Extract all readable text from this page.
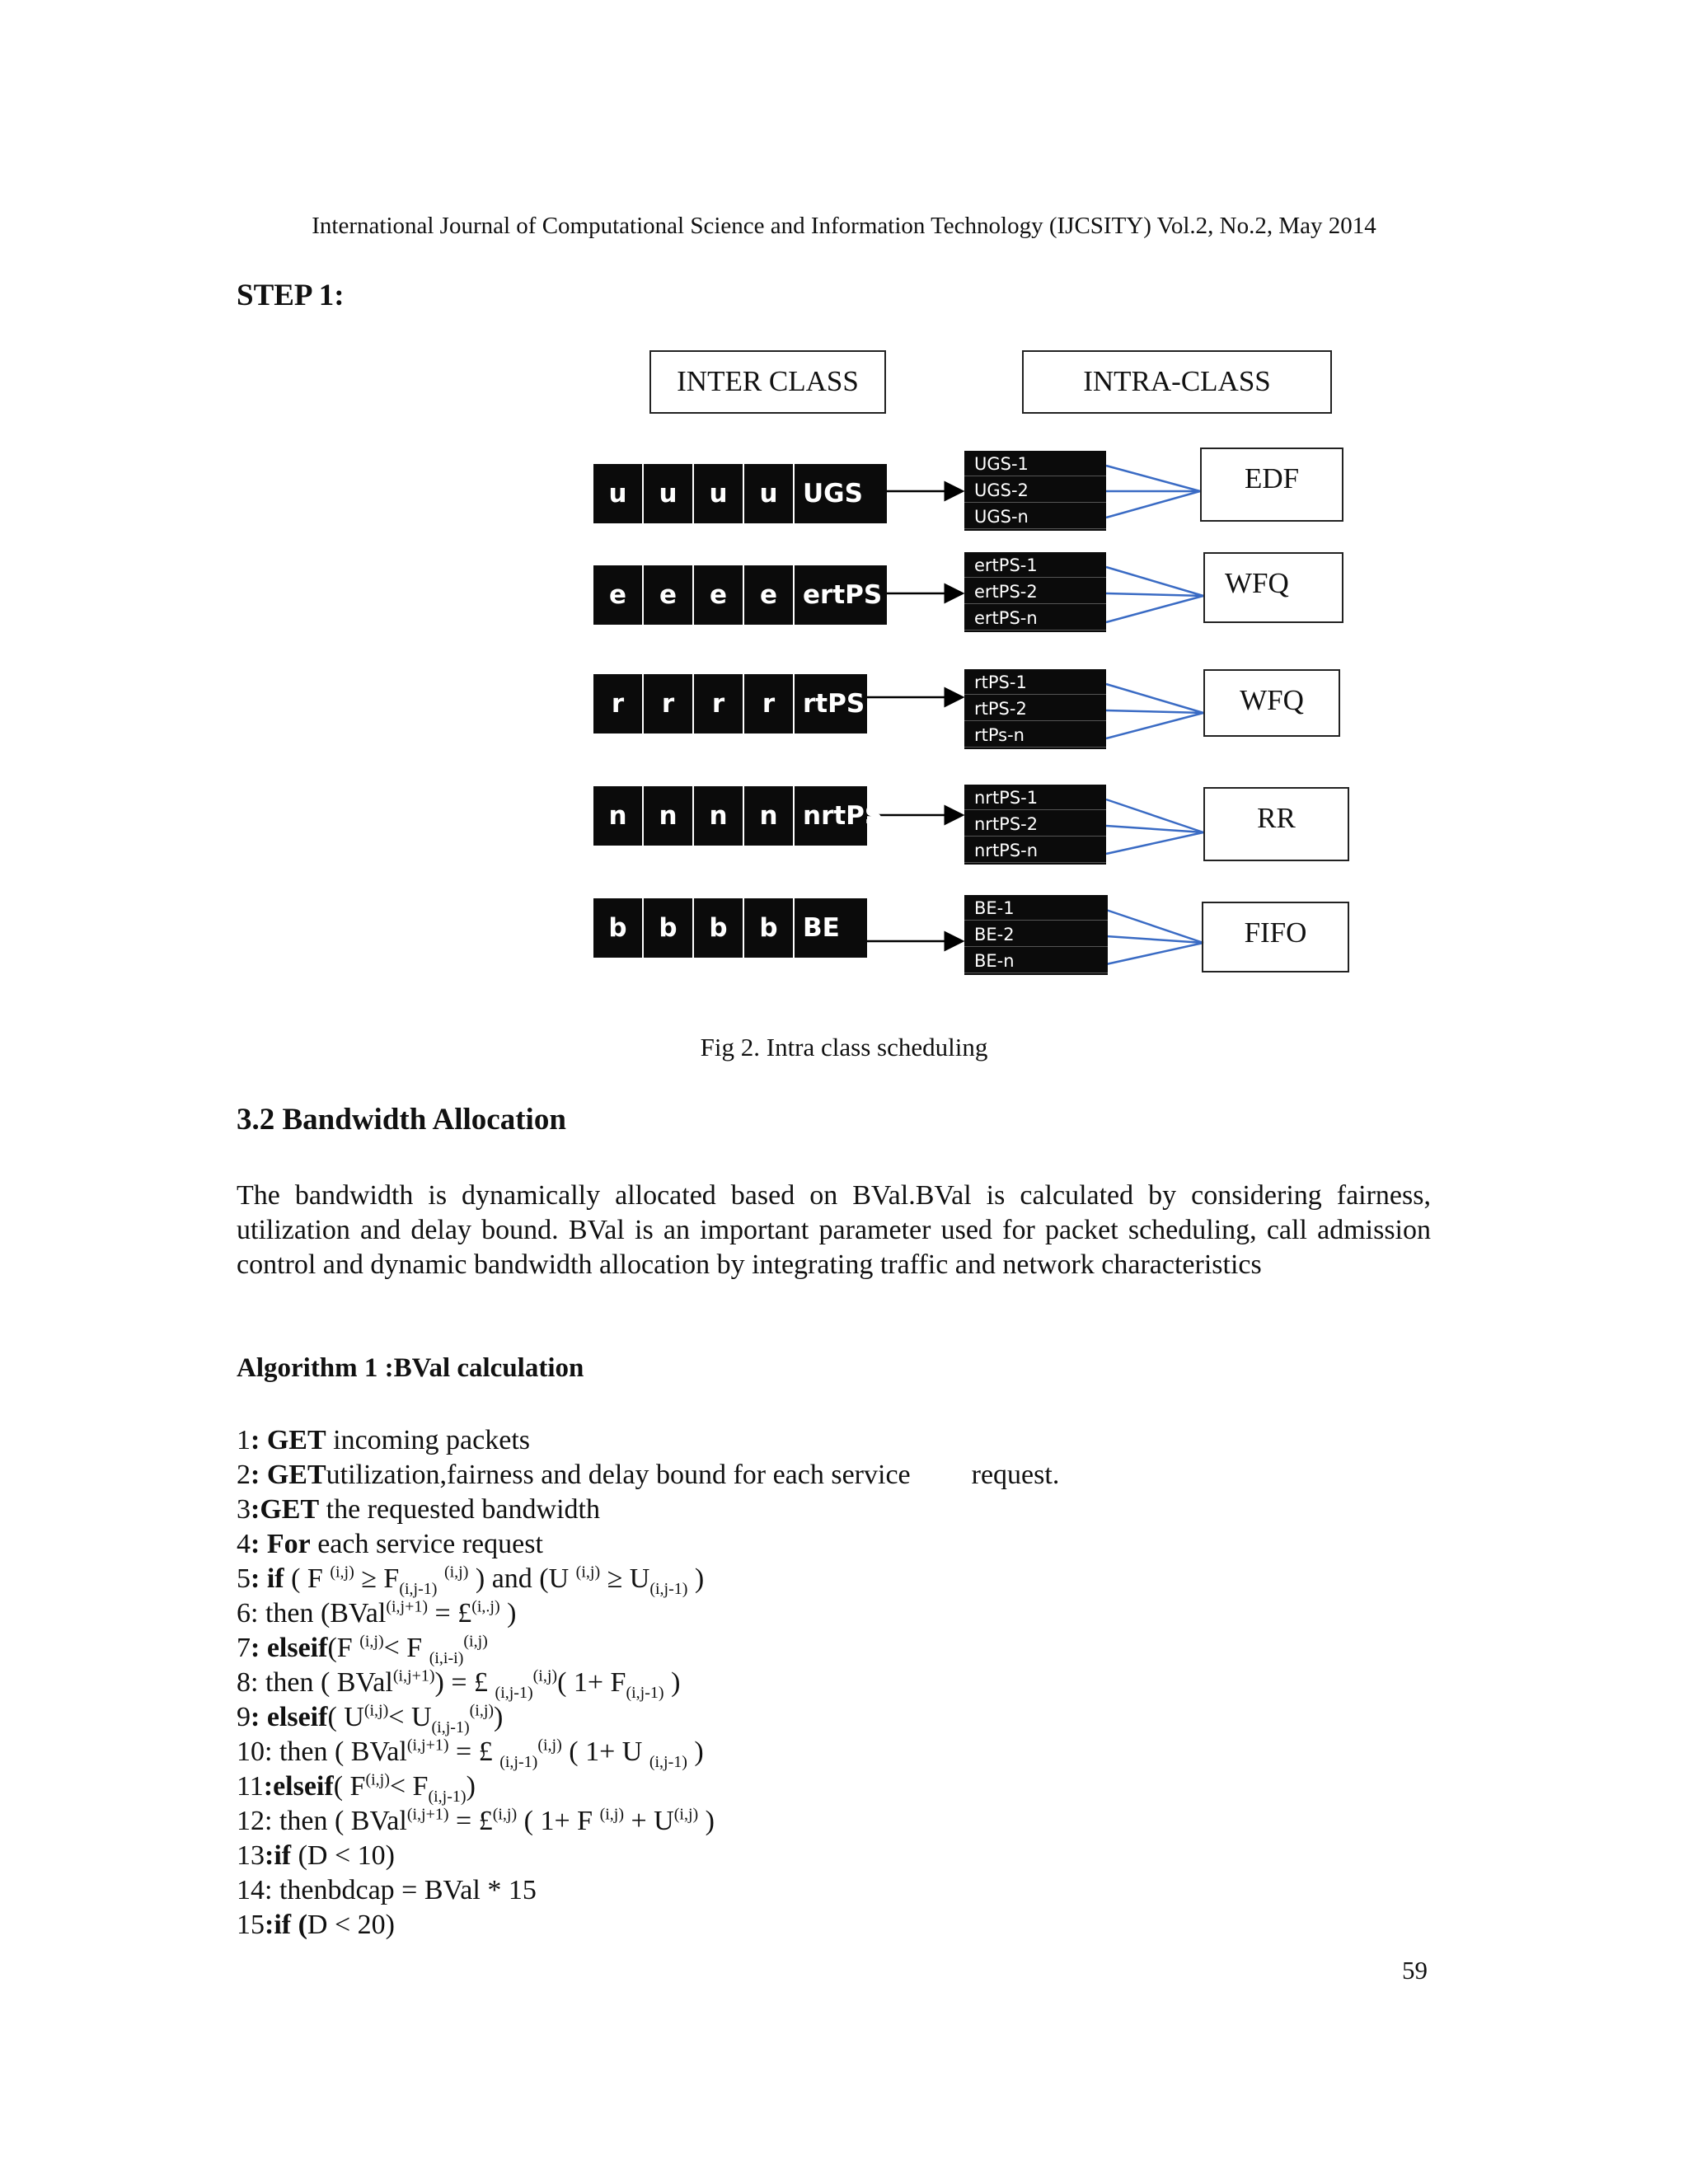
International Journal of Computational Science and Information Technology (IJCSITY) Vol.2, No.2, May 2014
STEP 1:
INTER CLASS	INTRA-CLASS
u	u	u	u UGS
UGS-1
UGS-2
UGS-n
EDF
e	e	e	e ertPS
ertPS-1
ertPS-2
ertPS-n
WFQ
r	r	r	r	rtPS
rtPS-1
rtPS-2
rtPs-n
WFQ
n	n	n	n nrtPS
nrtPS-1
nrtPS-2
nrtPS-n
RR
b	b	b	b BE
BE-1
BE-2
BE-n
FIFO
Fig 2. Intra class scheduling
3.2 Bandwidth Allocation
The bandwidth is dynamically allocated based on BVal.BVal is calculated by considering fairness, utilization and delay bound. BVal is an important parameter used for packet scheduling, call admission control and dynamic bandwidth allocation by integrating traffic and network characteristics
Algorithm 1 :BVal calculation
1: GET incoming packets
2: GETutilization,fairness and delay bound for each service request.
3:GET the requested bandwidth
4: For each service request
5: if ( F $^{(i,j)} \ge F_{(i,j-1)}$ $^{(i,j)}$ ) and (U $^{(i,j)} \ge U_{(i,j-1)}$ )
6: then (BVal$^{(i,j+1)}$ = £$^{(i,.j)}$ )
7: elseif(F $^{(i,j)}$< F $_{(i,i-i)}^{(i,j)}$
8: then ( BVal$^{(i,j+1)}$) = £ $_{(i,j-1)}^{(i,j)}$( $1+ F_{(i,j-1)}$ )
9: elseif( $U^{(i,j)}< U_{(i,j-1)}^{(i,j)}$)
10: then ( BVal$^{(i,j+1)}$ = £ $_{(i,j-1)}^{(i,j)}$ ( 1+ U $_{(i,j-1)}$ )
11:elseif( $F^{(i,j)}< F_{(i,j-1)}$)
12: then ( BVal$^{(i,j+1)}$ = £$^{(i,j)}$ ( 1+ F $^{(i,j)}$ + U$^{(i,j)}$ )
13:if (D < 10)
14: thenbdcap = BVal * 15
15:if (D < 20)
59
